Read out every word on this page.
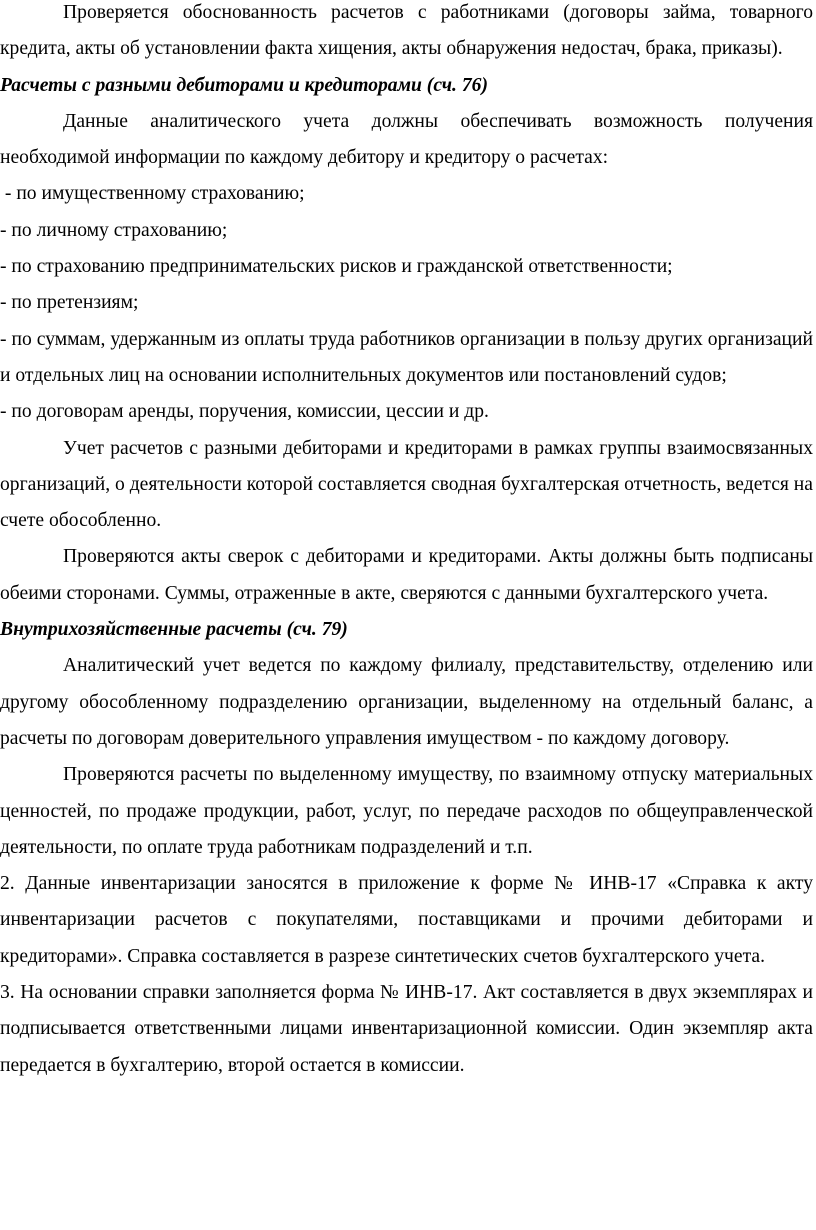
Проверяется обоснованность расчетов с работниками (договоры займа, товарного кредита, акты об установлении факта хищения, акты обнаружения недостач, брака, приказы).

Расчеты с разными дебиторами и кредиторами (сч. 76)

Данные аналитического учета должны обеспечивать возможность получения необходимой информации по каждому дебитору и кредитору о расчетах:

- по имущественному страхованию;

- по личному страхованию;

- по страхованию предпринимательских рисков и гражданской ответственности;

- по претензиям;

- по суммам, удержанным из оплаты труда работников организации в пользу других организаций и отдельных лиц на основании исполнительных документов или постановлений судов;

- по договорам аренды, поручения, комиссии, цессии и др.

Учет расчетов с разными дебиторами и кредиторами в рамках группы взаимосвязанных организаций, о деятельности которой составляется сводная бухгалтерская отчетность, ведется на счете обособленно.

Проверяются акты сверок с дебиторами и кредиторами. Акты должны быть подписаны обеими сторонами. Суммы, отраженные в акте, сверяются с данными бухгалтерского учета.

Внутрихозяйственные расчеты (сч. 79)

Аналитический учет ведется по каждому филиалу, представительству, отделению или другому обособленному подразделению организации, выделенному на отдельный баланс, а расчеты по договорам доверительного управления имуществом - по каждому договору.

Проверяются расчеты по выделенному имуществу, по взаимному отпуску материальных ценностей, по продаже продукции, работ, услуг, по передаче расходов по общеуправленческой деятельности, по оплате труда работникам подразделений и т.п.

2. Данные инвентаризации заносятся в приложение к форме № ИНВ-17 «Справка к акту инвентаризации расчетов с покупателями, поставщиками и прочими дебиторами и кредиторами». Справка составляется в разрезе синтетических счетов бухгалтерского учета.

3. На основании справки заполняется форма № ИНВ-17. Акт составляется в двух экземплярах и подписывается ответственными лицами инвентаризационной комиссии. Один экземпляр акта передается в бухгалтерию, второй остается в комиссии.
